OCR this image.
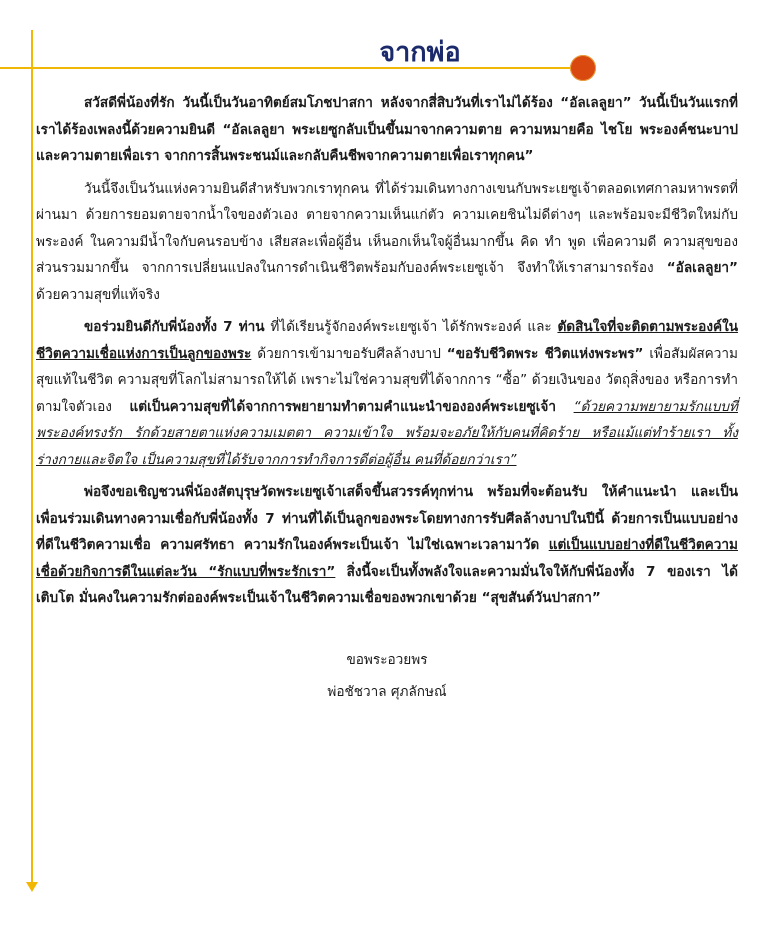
จากพ่อ

สวัสดีพี่น้องที่รัก วันนี้เป็นวันอาทิตย์สมโภชปาสกา หลังจากสี่สิบวันที่เราไม่ได้ร้อง “อัลเลลูยา” วันนี้เป็นวันแรกที่เราได้ร้องเพลงนี้ด้วยความยินดี “อัลเลลูยา พระเยซูกลับเป็นขึ้นมาจากความตาย ความหมายคือ ไชโย พระองค์ชนะบาปและความตายเพื่อเรา จากการสิ้นพระชนม์และกลับคืนชีพจากความตายเพื่อเราทุกคน”

วันนี้จึงเป็นวันแห่งความยินดีสำหรับพวกเราทุกคน ที่ได้ร่วมเดินทางกางเขนกับพระเยซูเจ้าตลอดเทศกาลมหาพรตที่ผ่านมา ด้วยการยอมตายจากน้ำใจของตัวเอง ตายจากความเห็นแก่ตัว ความเคยชินไม่ดีต่างๆ และพร้อมจะมีชีวิตใหม่กับพระองค์ ในความมีน้ำใจกับคนรอบข้าง เสียสละเพื่อผู้อื่น เห็นอกเห็นใจผู้อื่นมากขึ้น คิด ทำ พูด เพื่อความดี ความสุขของส่วนรวมมากขึ้น จากการเปลี่ยนแปลงในการดำเนินชีวิตพร้อมกับองค์พระเยซูเจ้า จึงทำให้เราสามารถร้อง “อัลเลลูยา” ด้วยความสุขที่แท้จริง

ขอร่วมยินดีกับพี่น้องทั้ง 7 ท่าน ที่ได้เรียนรู้จักองค์พระเยซูเจ้า ได้รักพระองค์ และ ตัดสินใจที่จะติดตามพระองค์ในชีวิตความเชื่อแห่งการเป็นลูกของพระ ด้วยการเข้ามาขอรับศีลล้างบาป “ขอรับชีวิตพระ ชีวิตแห่งพระพร” เพื่อสัมผัสความสุขแท้ในชีวิต ความสุขที่โลกไม่สามารถให้ได้ เพราะไม่ใช่ความสุขที่ได้จากการ “ซื้อ” ด้วยเงินของ วัตถุสิ่งของ หรือการทำตามใจตัวเอง แต่เป็นความสุขที่ได้จากการพยายามทำตามคำแนะนำขององค์พระเยซูเจ้า “ด้วยความพยายามรักแบบที่พระองค์ทรงรัก รักด้วยสายตาแห่งความเมตตา ความเข้าใจ พร้อมจะอภัยให้กับคนที่คิดร้าย หรือแม้แต่ทำร้ายเรา ทั้งร่างกายและจิตใจ เป็นความสุขที่ได้รับจากการทำกิจการดีต่อผู้อื่น คนที่ด้อยกว่าเรา”

พ่อจึงขอเชิญชวนพี่น้องสัตบุรุษวัดพระเยซูเจ้าเสด็จขึ้นสวรรค์ทุกท่าน พร้อมที่จะต้อนรับ ให้คำแนะนำ และเป็นเพื่อนร่วมเดินทางความเชื่อกับพี่น้องทั้ง 7 ท่านที่ได้เป็นลูกของพระโดยทางการรับศีลล้างบาปในปีนี้ ด้วยการเป็นแบบอย่างที่ดีในชีวิตความเชื่อ ความศรัทธา ความรักในองค์พระเป็นเจ้า ไม่ใช่เฉพาะเวลามาวัด แต่เป็นแบบอย่างที่ดีในชีวิตความเชื่อด้วยกิจการดีในแต่ละวัน “รักแบบที่พระรักเรา” สิ่งนี้จะเป็นทั้งพลังใจและความมั่นใจให้กับพี่น้องทั้ง 7 ของเรา ได้เติบโต มั่นคงในความรักต่อองค์พระเป็นเจ้าในชีวิตความเชื่อของพวกเขาด้วย “สุขสันต์วันปาสกา”

ขอพระอวยพร
พ่อชัชวาล ศุภลักษณ์
